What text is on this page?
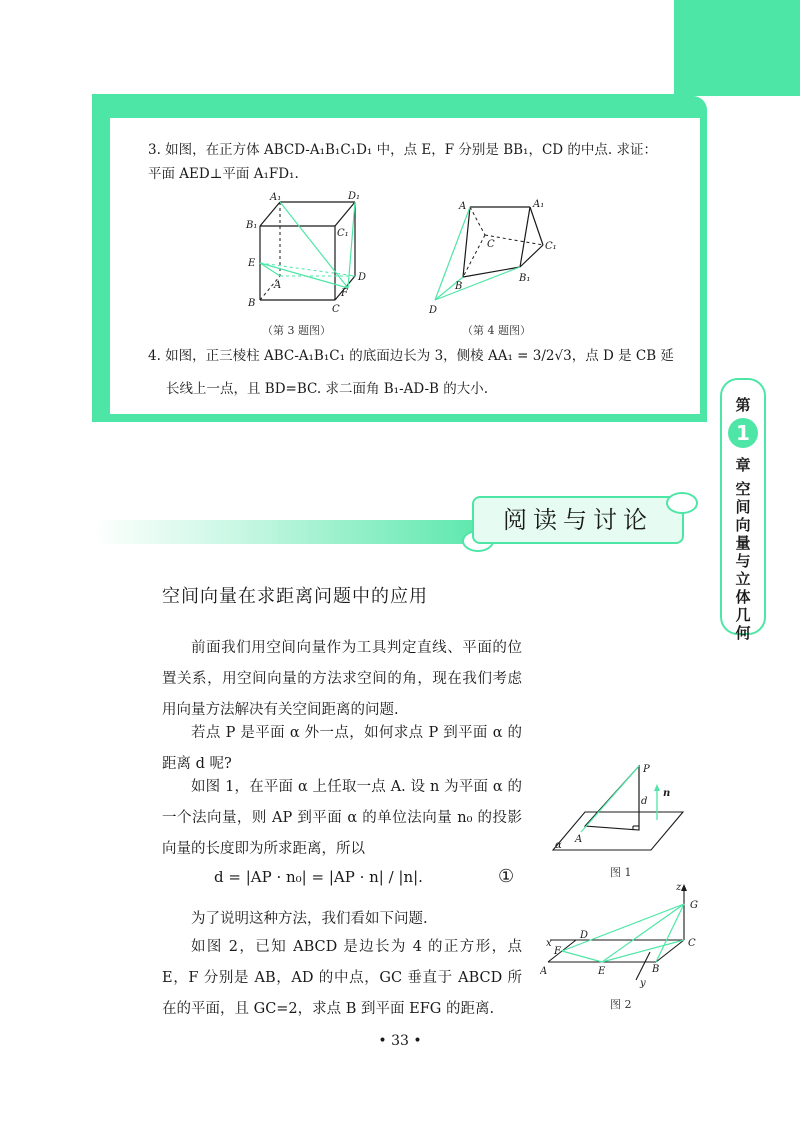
3. 如图，在正方体 ABCD-A₁B₁C₁D₁ 中，点 E，F 分别是 BB₁，CD 的中点. 求证：
平面 AED⊥平面 A₁FD₁.
A₁	D₁
B₁
C₁
E
A
D
F
B
C
（第 3 题图）
A	A₁
C	C₁
B
B₁
D
（第 4 题图）
4. 如图，正三棱柱 ABC-A₁B₁C₁ 的底面边长为 3，侧棱 AA₁ = 3/2√3，点 D 是 CB 延
长线上一点，且 BD=BC. 求二面角 B₁-AD-B 的大小.
第
1
章
空
间
向
量
与
立
体
几
何
阅读与讨论
空间向量在求距离问题中的应用
前面我们用空间向量作为工具判定直线、平面的位置关系，用空间向量的方法求空间的角，现在我们考虑用向量方法解决有关空间距离的问题.
若点 P 是平面 α 外一点，如何求点 P 到平面 α 的距离 d 呢?
如图 1，在平面 α 上任取一点 A. 设 n 为平面 α 的一个法向量，则 AP 到平面 α 的单位法向量 n₀ 的投影向量的长度即为所求距离，所以
d = |AP · n₀| = |AP · n| / |n|.	①
为了说明这种方法，我们看如下问题.
如图 2，已知 ABCD 是边长为 4 的正方形，点 E，F 分别是 AB，AD 的中点，GC 垂直于 ABCD 所在的平面，且 GC=2，求点 B 到平面 EFG 的距离.
P
d
n
A
α
图 1
z
G
C
D
x
F
A	E	B
y
图 2
• 33 •
